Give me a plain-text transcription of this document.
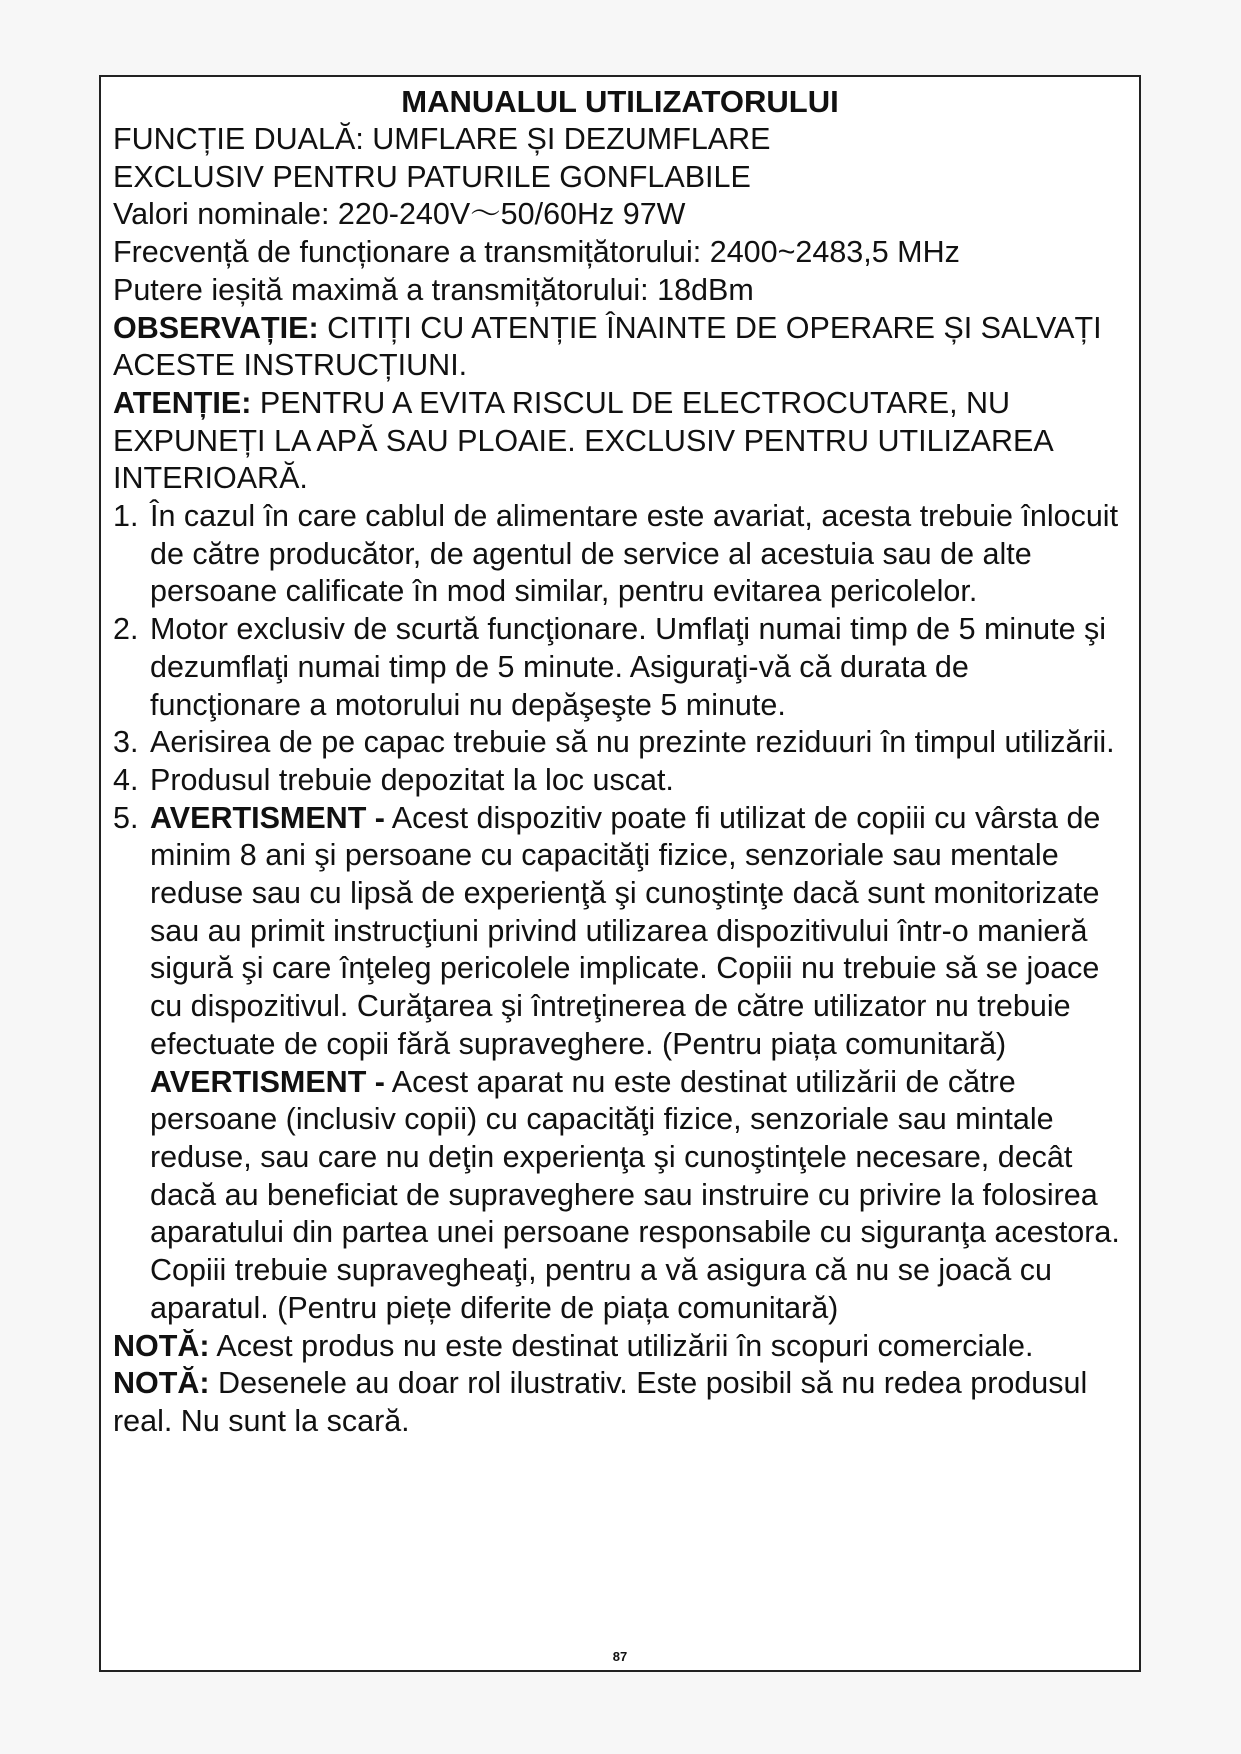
MANUALUL UTILIZATORULUI

FUNCȚIE DUALĂ: UMFLARE ȘI DEZUMFLARE

EXCLUSIV PENTRU PATURILE GONFLABILE

Valori nominale: 220-240V～50/60Hz 97W

Frecvență de funcționare a transmițătorului: 2400~2483,5 MHz

Putere ieșită maximă a transmițătorului: 18dBm

OBSERVAȚIE: CITIȚI CU ATENȚIE ÎNAINTE DE OPERARE ȘI SALVAȚI ACESTE INSTRUCȚIUNI.

ATENȚIE: PENTRU A EVITA RISCUL DE ELECTROCUTARE, NU EXPUNEȚI LA APĂ SAU PLOAIE. EXCLUSIV PENTRU UTILIZAREA INTERIOARĂ.

1. În cazul în care cablul de alimentare este avariat, acesta trebuie înlocuit de către producător, de agentul de service al acestuia sau de alte persoane calificate în mod similar, pentru evitarea pericolelor.
2. Motor exclusiv de scurtă funcţionare. Umflaţi numai timp de 5 minute şi dezumflaţi numai timp de 5 minute. Asiguraţi-vă că durata de funcţionare a motorului nu depăşeşte 5 minute.
3. Aerisirea de pe capac trebuie să nu prezinte reziduuri în timpul utilizării.
4. Produsul trebuie depozitat la loc uscat.
5. AVERTISMENT - Acest dispozitiv poate fi utilizat de copiii cu vârsta de minim 8 ani şi persoane cu capacităţi fizice, senzoriale sau mentale reduse sau cu lipsă de experienţă şi cunoştinţe dacă sunt monitorizate sau au primit instrucţiuni privind utilizarea dispozitivului într-o manieră sigură şi care înţeleg pericolele implicate. Copiii nu trebuie să se joace cu dispozitivul. Curăţarea şi întreţinerea de către utilizator nu trebuie efectuate de copii fără supraveghere. (Pentru piața comunitară)

AVERTISMENT - Acest aparat nu este destinat utilizării de către persoane (inclusiv copii) cu capacităţi fizice, senzoriale sau mintale reduse, sau care nu deţin experienţa şi cunoştinţele necesare, decât dacă au beneficiat de supraveghere sau instruire cu privire la folosirea aparatului din partea unei persoane responsabile cu siguranţa acestora. Copiii trebuie supravegheaţi, pentru a vă asigura că nu se joacă cu aparatul. (Pentru piețe diferite de piața comunitară)

NOTĂ: Acest produs nu este destinat utilizării în scopuri comerciale.

NOTĂ: Desenele au doar rol ilustrativ. Este posibil să nu redea produsul real. Nu sunt la scară.

87
